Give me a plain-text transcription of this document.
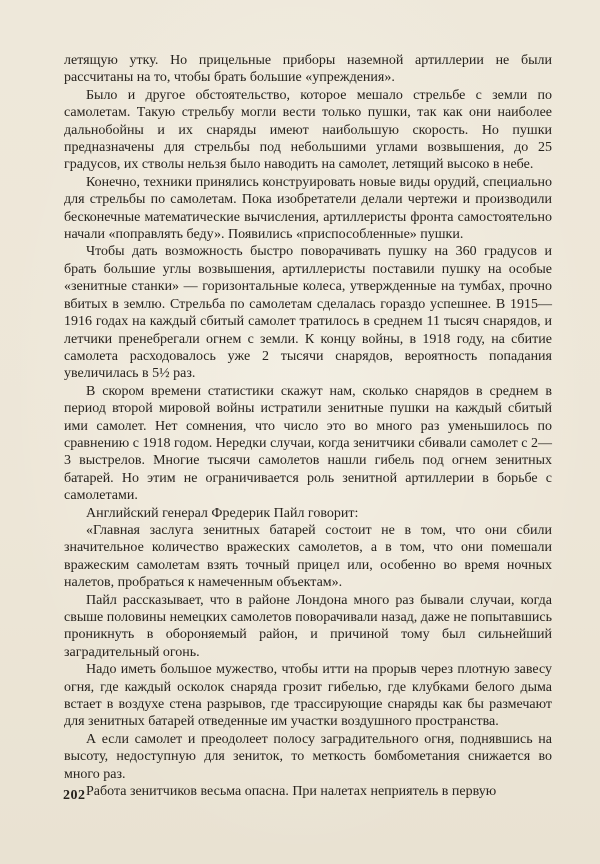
летящую утку. Но прицельные приборы наземной артиллерии не были рассчитаны на то, чтобы брать большие «упреждения».

Было и другое обстоятельство, которое мешало стрельбе с земли по самолетам. Такую стрельбу могли вести только пушки, так как они наиболее дальнобойны и их снаряды имеют наибольшую скорость. Но пушки предназначены для стрельбы под небольшими углами возвышения, до 25 градусов, их стволы нельзя было наводить на самолет, летящий высоко в небе.

Конечно, техники принялись конструировать новые виды орудий, специально для стрельбы по самолетам. Пока изобретатели делали чертежи и производили бесконечные математические вычисления, артиллеристы фронта самостоятельно начали «поправлять беду». Появились «приспособленные» пушки.

Чтобы дать возможность быстро поворачивать пушку на 360 градусов и брать большие углы возвышения, артиллеристы поставили пушку на особые «зенитные станки» — горизонтальные колеса, утвержденные на тумбах, прочно вбитых в землю. Стрельба по самолетам сделалась гораздо успешнее. В 1915—1916 годах на каждый сбитый самолет тратилось в среднем 11 тысяч снарядов, и летчики пренебрегали огнем с земли. К концу войны, в 1918 году, на сбитие самолета расходовалось уже 2 тысячи снарядов, вероятность попадания увеличилась в 5½ раз.

В скором времени статистики скажут нам, сколько снарядов в среднем в период второй мировой войны истратили зенитные пушки на каждый сбитый ими самолет. Нет сомнения, что число это во много раз уменьшилось по сравнению с 1918 годом. Нередки случаи, когда зенитчики сбивали самолет с 2—3 выстрелов. Многие тысячи самолетов нашли гибель под огнем зенитных батарей. Но этим не ограничивается роль зенитной артиллерии в борьбе с самолетами.

Английский генерал Фредерик Пайл говорит:

«Главная заслуга зенитных батарей состоит не в том, что они сбили значительное количество вражеских самолетов, а в том, что они помешали вражеским самолетам взять точный прицел или, особенно во время ночных налетов, пробраться к намеченным объектам».

Пайл рассказывает, что в районе Лондона много раз бывали случаи, когда свыше половины немецких самолетов поворачивали назад, даже не попытавшись проникнуть в обороняемый район, и причиной тому был сильнейший заградительный огонь.

Надо иметь большое мужество, чтобы итти на прорыв через плотную завесу огня, где каждый осколок снаряда грозит гибелью, где клубками белого дыма встает в воздухе стена разрывов, где трассирующие снаряды как бы размечают для зенитных батарей отведенные им участки воздушного пространства.

А если самолет и преодолеет полосу заградительного огня, поднявшись на высоту, недоступную для зениток, то меткость бомбометания снижается во много раз.

Работа зенитчиков весьма опасна. При налетах неприятель в первую

202
